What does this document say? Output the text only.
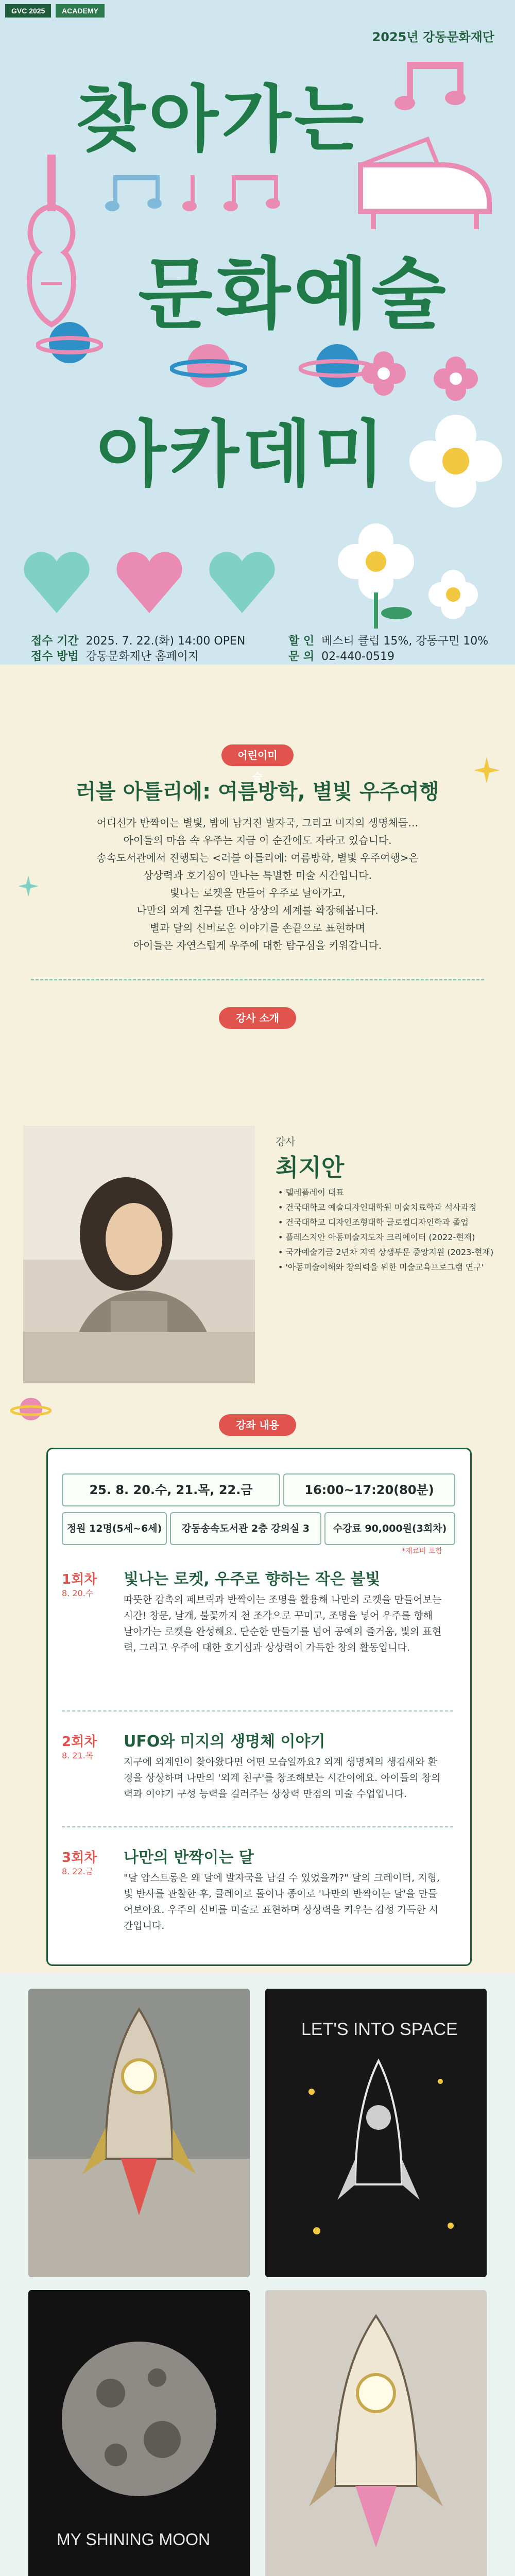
GVC 2025	ACADEMY
2025년 강동문화재단
찾아가는
문화예술
아카데미
접수 기간 2025. 7. 22.(화) 14:00 OPEN
접수 방법 강동문화재단 홈페이지
할 인 베스티 클럽 15%, 강동구민 10%
문 의 02-440-0519
어린이미술
러블 아틀리에: 여름방학, 별빛 우주여행
어디선가 반짝이는 별빛, 밤에 남겨진 발자국, 그리고 미지의 생명체들…
아이들의 마음 속 우주는 지금 이 순간에도 자라고 있습니다.
송속도서관에서 진행되는 <러블 아틀리에: 여름방학, 별빛 우주여행>은
상상력과 호기심이 만나는 특별한 미술 시간입니다.
빛나는 로켓을 만들어 우주로 날아가고,
나만의 외계 친구를 만나 상상의 세계를 확장해봅니다.
별과 달의 신비로운 이야기를 손끝으로 표현하며
아이들은 자연스럽게 우주에 대한 탐구심을 키워갑니다.
강사 소개
강사
최지안
• 텔레플레이 대표
• 건국대학교 예술디자인대학원 미술치료학과 석사과정
• 건국대학교 디자인조형대학 글로컬디자인학과 졸업
• 플레스지안 아동미술지도자 크리에이터 (2022-현재)
• 국가예술기금 2년차 지역 상생부문 중앙지원 (2023-현재)
• '아동미술이해와 창의력을 위한 미술교육프로그램 연구'
강좌 내용
25. 8. 20.수, 21.목, 22.금	16:00~17:20(80분)
정원 12명(5세~6세)	강동송속도서관 2층 강의실 3	수강료 90,000원(3회차)
*재료비 포함
1회차
8. 20.수
빛나는 로켓, 우주로 향하는 작은 불빛
따뜻한 감촉의 페브릭과 반짝이는 조명을 활용해 나만의 로켓을 만들어보는 시간! 창문, 날개, 불꽃까지 천 조각으로 꾸미고, 조명을 넣어 우주를 향해 날아가는 로켓을 완성해요. 단순한 만들기를 넘어 공예의 즐거움, 빛의 표현력, 그리고 우주에 대한 호기심과 상상력이 가득한 창의 활동입니다.
2회차
8. 21.목
UFO와 미지의 생명체 이야기
지구에 외계인이 찾아왔다면 어떤 모습일까요? 외계 생명체의 생김새와 환경을 상상하며 나만의 '외계 친구'를 창조해보는 시간이에요. 아이들의 창의력과 이야기 구성 능력을 길러주는 상상력 만점의 미술 수업입니다.
3회차
8. 22.금
나만의 반짝이는 달
"달 암스트롱은 왜 달에 발자국을 남길 수 있었을까?" 달의 크레이터, 지형, 빛 반사를 관찰한 후, 클레이로 돌이나 종이로 '나만의 반짝이는 달'을 만들어보아요. 우주의 신비를 미술로 표현하며 상상력을 키우는 감성 가득한 시간입니다.
LET'S INTO SPACE
MY SHINING MOON
